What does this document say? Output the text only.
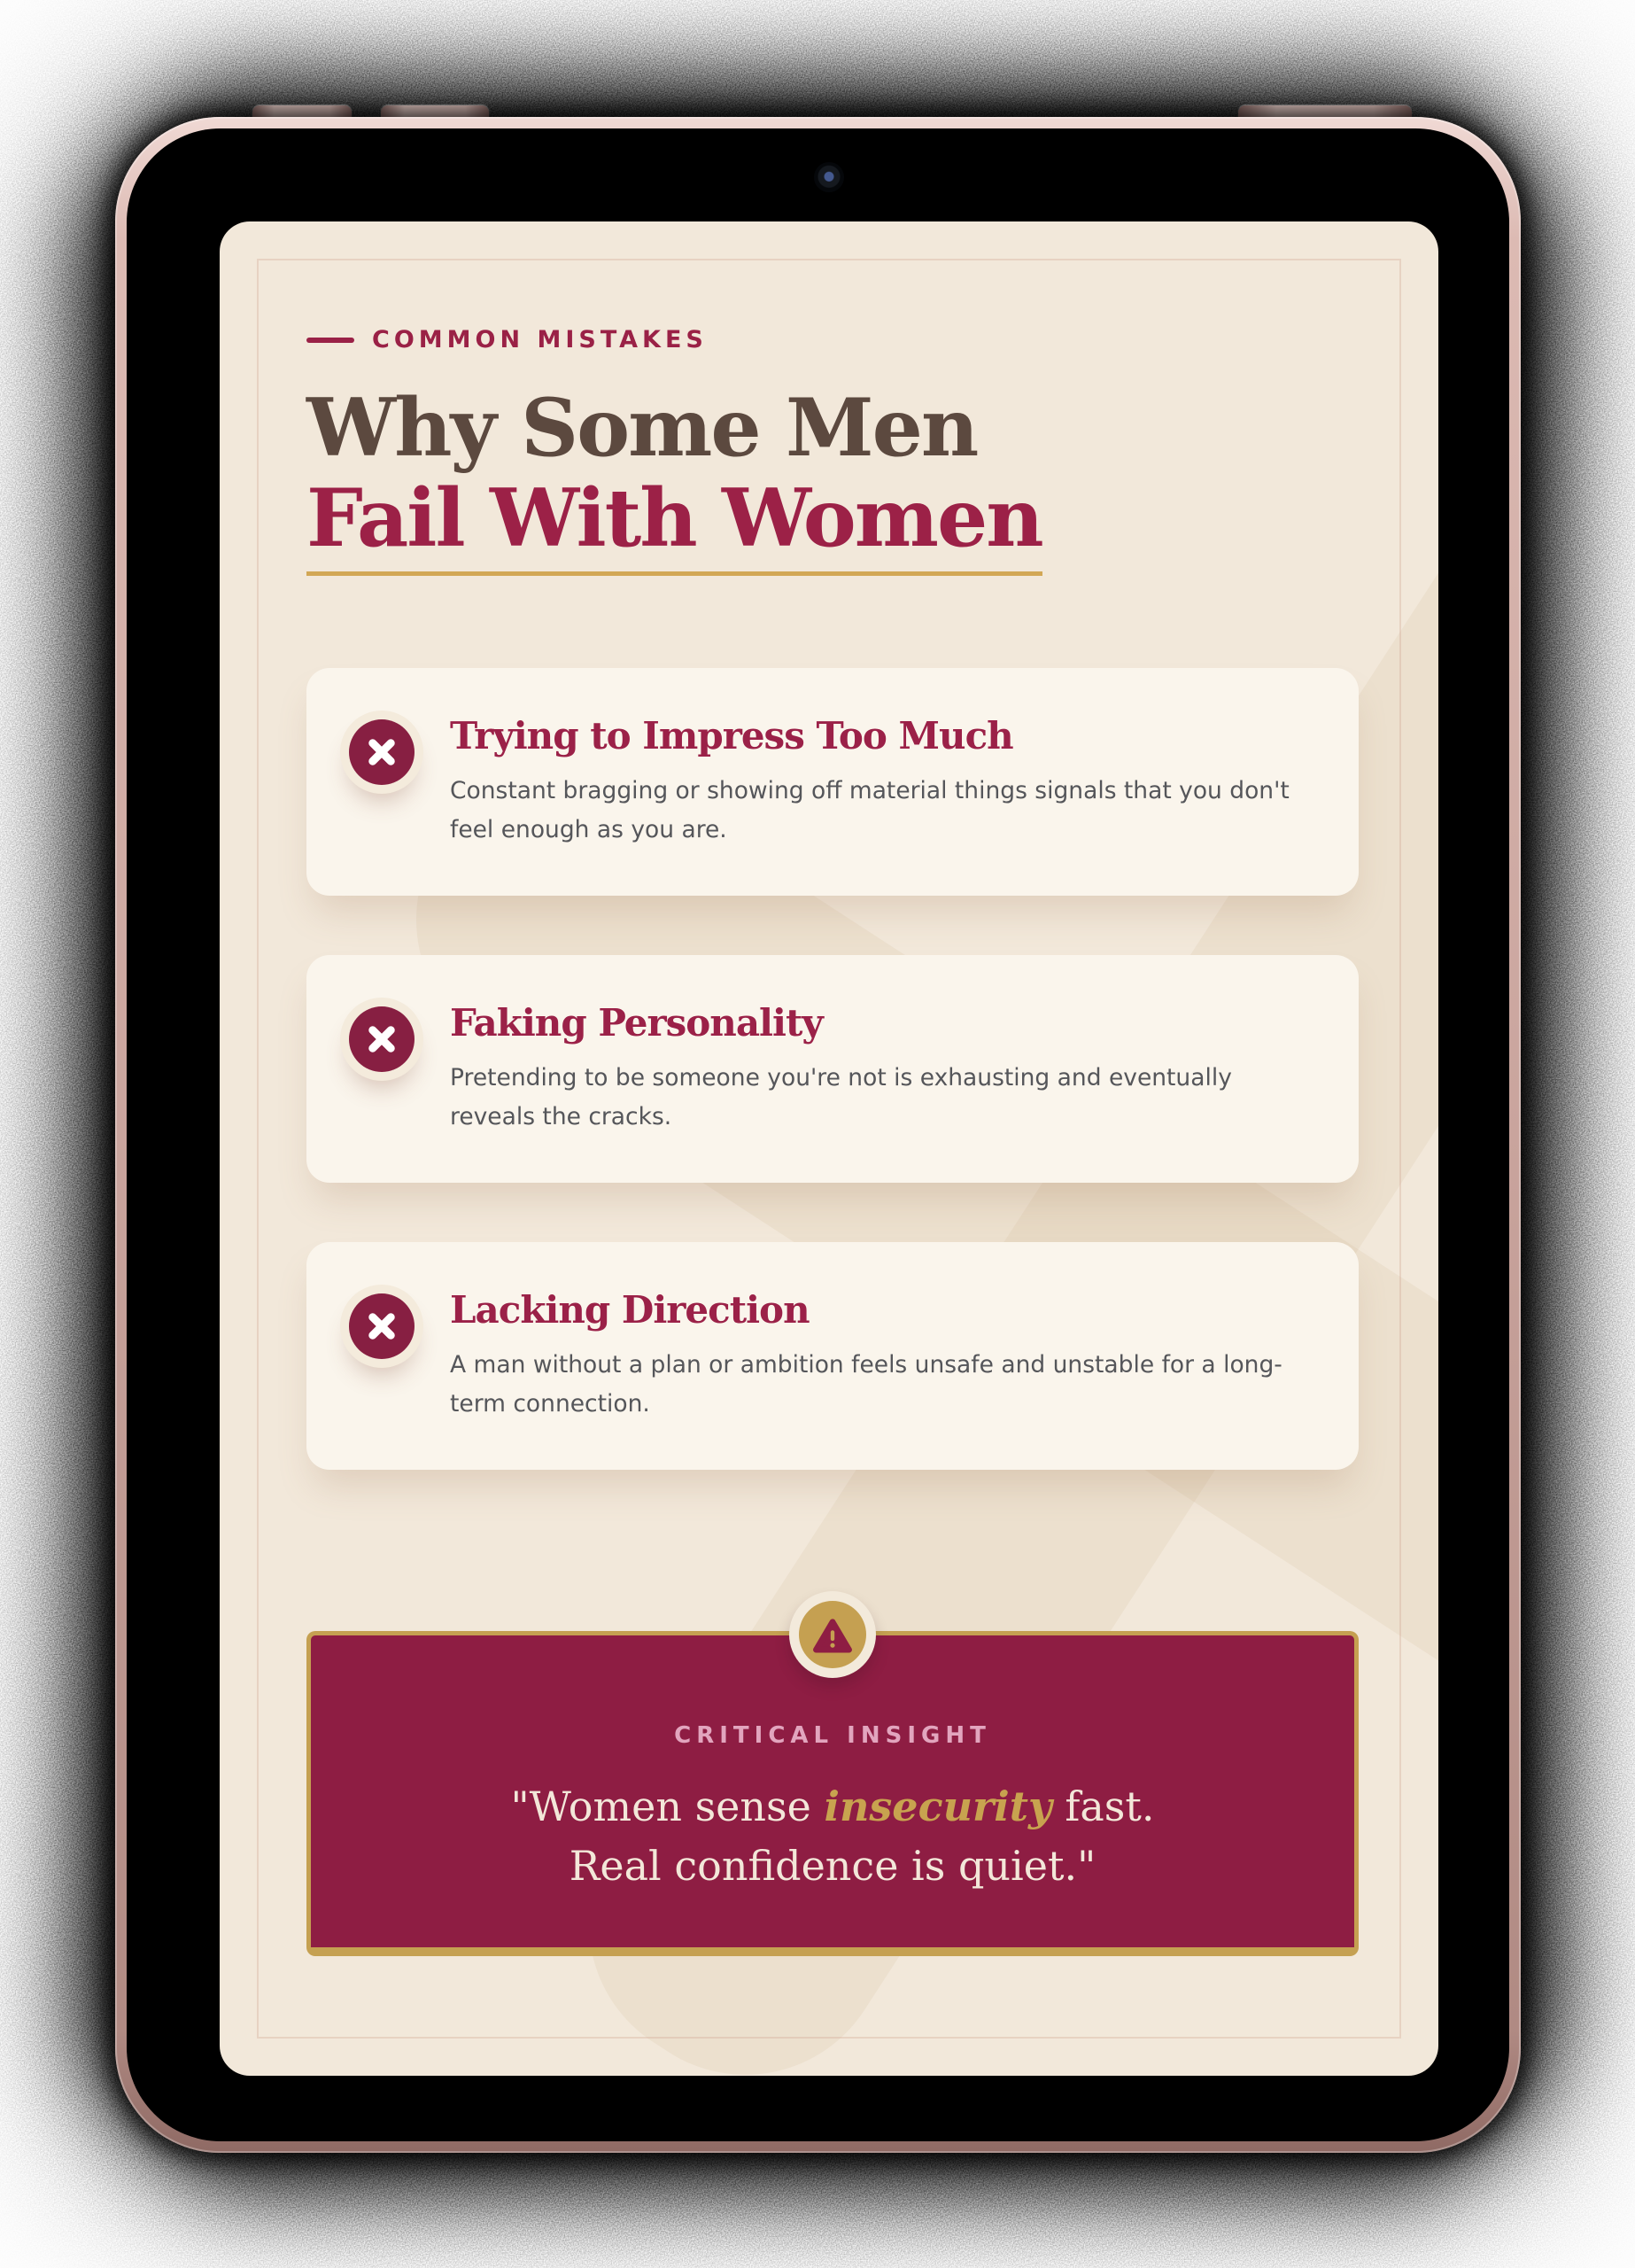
COMMON MISTAKES
Why Some Men
Fail With Women
Trying to Impress Too Much

Constant bragging or showing off material things signals that you don't feel enough as you are.

Faking Personality

Pretending to be someone you're not is exhausting and eventually reveals the cracks.

Lacking Direction

A man without a plan or ambition feels unsafe and unstable for a long-term connection.

CRITICAL INSIGHT

"Women sense insecurity fast.
Real confidence is quiet."
